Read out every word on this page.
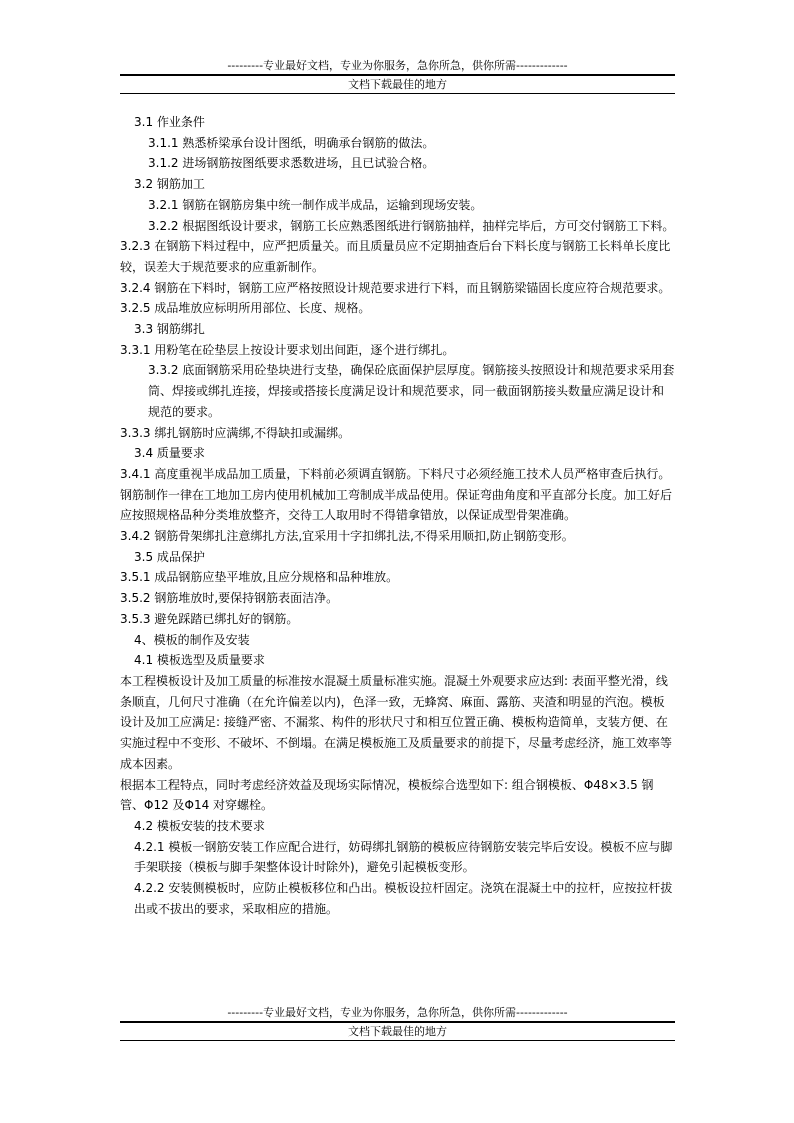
---------专业最好文档，专业为你服务，急你所急，供你所需-------------
文档下载最佳的地方

3.1 作业条件

3.1.1 熟悉桥梁承台设计图纸，明确承台钢筋的做法。

3.1.2 进场钢筋按图纸要求悉数进场，且已试验合格。

3.2 钢筋加工

3.2.1 钢筋在钢筋房集中统一制作成半成品，运输到现场安装。

3.2.2 根据图纸设计要求，钢筋工长应熟悉图纸进行钢筋抽样，抽样完毕后，方可交付钢筋工下料。

3.2.3 在钢筋下料过程中，应严把质量关。而且质量员应不定期抽查后台下料长度与钢筋工长料单长度比较，误差大于规范要求的应重新制作。

3.2.4 钢筋在下料时，钢筋工应严格按照设计规范要求进行下料，而且钢筋梁锚固长度应符合规范要求。

3.2.5 成品堆放应标明所用部位、长度、规格。

3.3 钢筋绑扎

3.3.1 用粉笔在砼垫层上按设计要求划出间距，逐个进行绑扎。

3.3.2 底面钢筋采用砼垫块进行支垫，确保砼底面保护层厚度。钢筋接头按照设计和规范要求采用套筒、焊接或绑扎连接，焊接或搭接长度满足设计和规范要求，同一截面钢筋接头数量应满足设计和规范的要求。

3.3.3 绑扎钢筋时应满绑,不得缺扣或漏绑。

3.4 质量要求

3.4.1 高度重视半成品加工质量，下料前必须调直钢筋。下料尺寸必须经施工技术人员严格审查后执行。钢筋制作一律在工地加工房内使用机械加工弯制成半成品使用。保证弯曲角度和平直部分长度。加工好后应按照规格品种分类堆放整齐，交待工人取用时不得错拿错放，以保证成型骨架准确。

3.4.2 钢筋骨架绑扎注意绑扎方法,宜采用十字扣绑扎法,不得采用顺扣,防止钢筋变形。

3.5 成品保护

3.5.1 成品钢筋应垫平堆放,且应分规格和品种堆放。

3.5.2 钢筋堆放时,要保持钢筋表面洁净。

3.5.3 避免踩踏已绑扎好的钢筋。

4、模板的制作及安装

4.1 模板选型及质量要求

本工程模板设计及加工质量的标准按水混凝土质量标准实施。混凝土外观要求应达到: 表面平整光滑，线条顺直，几何尺寸准确（在允许偏差以内)，色泽一致，无蜂窝、麻面、露筋、夹渣和明显的汽泡。模板设计及加工应满足: 接缝严密、不漏浆、构件的形状尺寸和相互位置正确、模板构造简单，支装方便、在实施过程中不变形、不破坏、不倒塌。在满足模板施工及质量要求的前提下，尽量考虑经济，施工效率等成本因素。

根据本工程特点，同时考虑经济效益及现场实际情况，模板综合选型如下: 组合钢模板、Φ48×3.5 钢管、Φ12 及Φ14 对穿螺栓。

4.2 模板安装的技术要求

4.2.1 模板一钢筋安装工作应配合进行，妨碍绑扎钢筋的模板应待钢筋安装完毕后安设。模板不应与脚手架联接（模板与脚手架整体设计时除外)，避免引起模板变形。

4.2.2 安装侧模板时，应防止模板移位和凸出。模板设拉杆固定。浇筑在混凝土中的拉杆，应按拉杆拔出或不拔出的要求，采取相应的措施。

---------专业最好文档，专业为你服务，急你所急，供你所需-------------
文档下载最佳的地方
